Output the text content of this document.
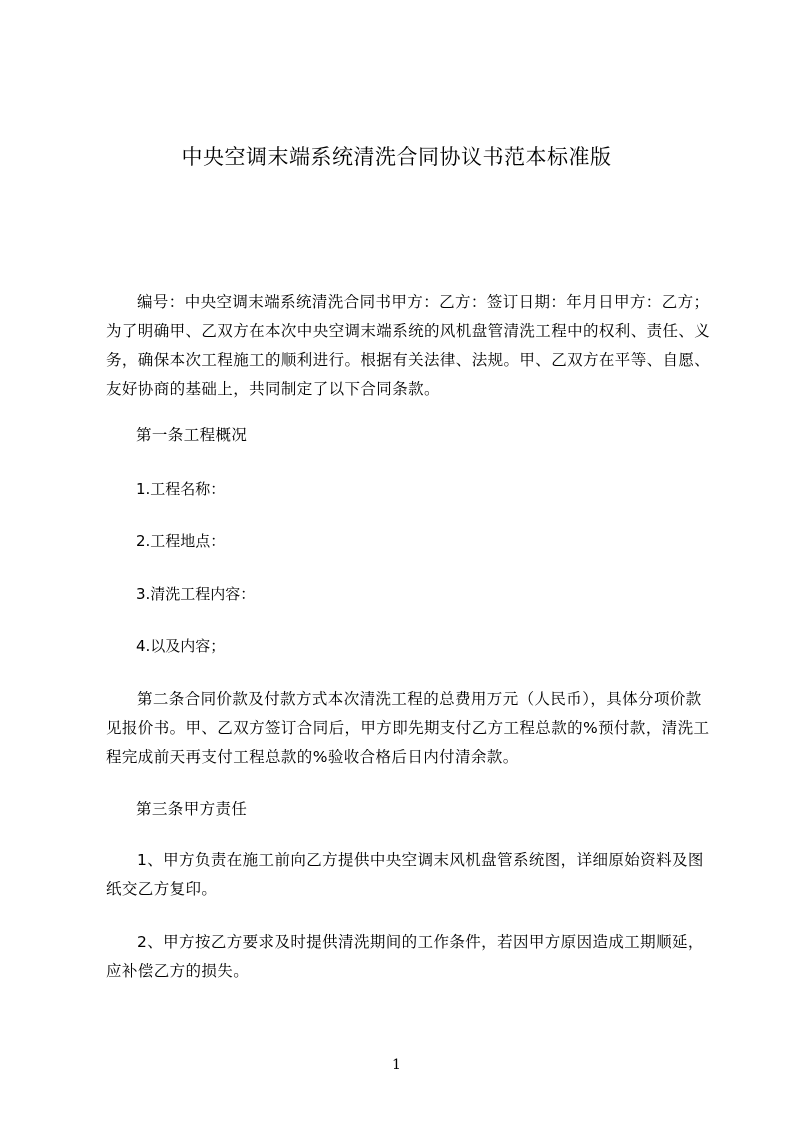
中央空调末端系统清洗合同协议书范本标准版

编号：中央空调末端系统清洗合同书甲方：乙方：签订日期：年月日甲方：乙方；为了明确甲、乙双方在本次中央空调末端系统的风机盘管清洗工程中的权利、责任、义务，确保本次工程施工的顺利进行。根据有关法律、法规。甲、乙双方在平等、自愿、友好协商的基础上，共同制定了以下合同条款。

第一条工程概况
1.工程名称：
2.工程地点：
3.清洗工程内容：
4.以及内容；

第二条合同价款及付款方式本次清洗工程的总费用万元（人民币），具体分项价款见报价书。甲、乙双方签订合同后，甲方即先期支付乙方工程总款的%预付款，清洗工程完成前天再支付工程总款的%验收合格后日内付清余款。

第三条甲方责任

1、甲方负责在施工前向乙方提供中央空调末风机盘管系统图，详细原始资料及图纸交乙方复印。

2、甲方按乙方要求及时提供清洗期间的工作条件，若因甲方原因造成工期顺延，应补偿乙方的损失。

1
